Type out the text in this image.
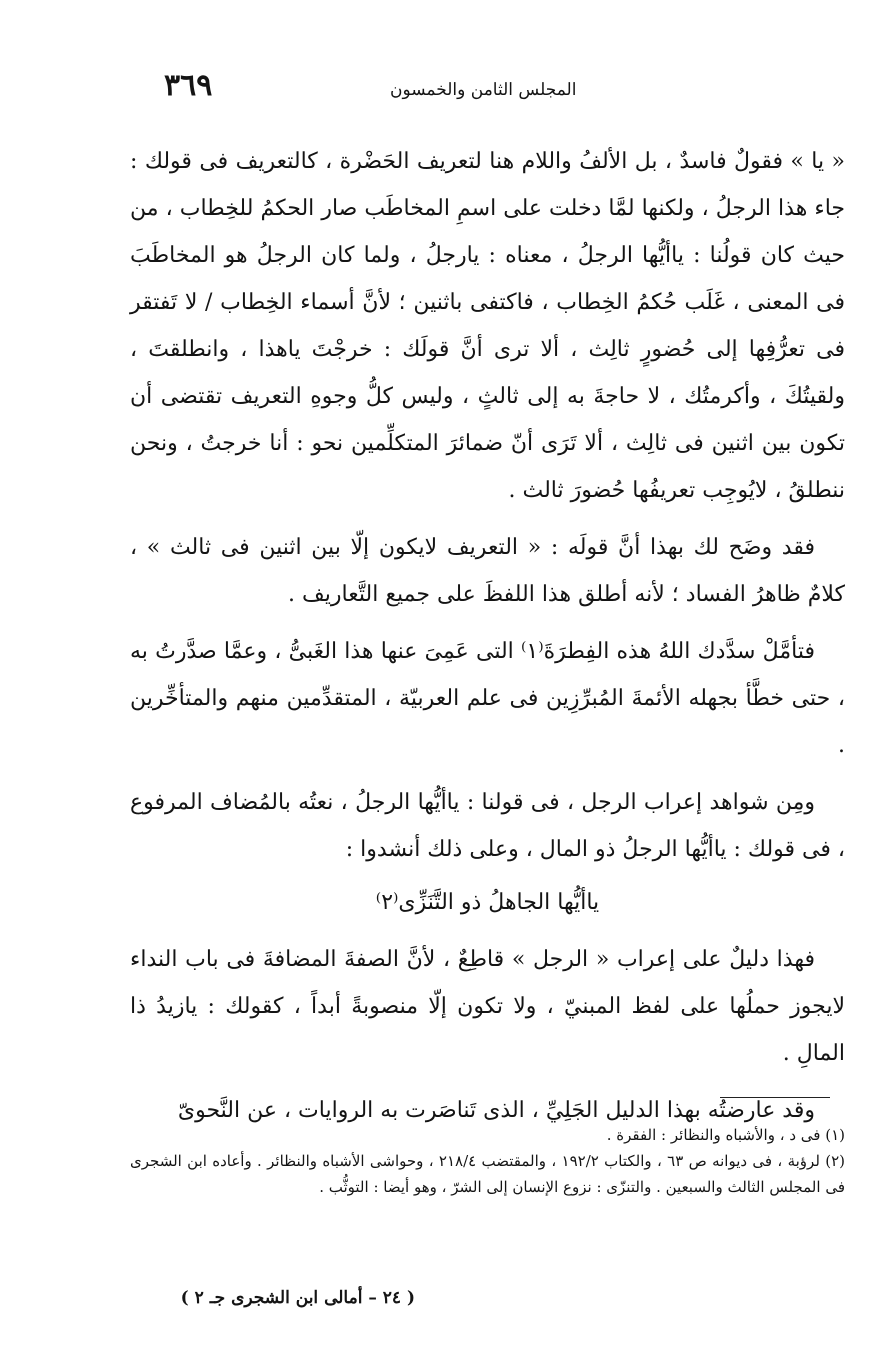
٣٦٩	المجلس الثامن والخمسون

« يا » فقولٌ فاسدٌ ، بل الألفُ واللام هنا لتعريف الحَضْرة ، كالتعريف فى قولك : جاء هذا الرجلُ ، ولكنها لمَّا دخلت على اسمِ المخاطَب صار الحكمُ للخِطاب ، من حيث كان قولُنا : ياأيُّها الرجلُ ، معناه : يارجلُ ، ولما كان الرجلُ هو المخاطَبَ فى المعنى ، غَلَب حُكمُ الخِطاب ، فاكتفى باثنين ؛ لأنَّ أسماء الخِطاب / لا تَفتقر فى تعرُّفِها إلى حُضورٍ ثالِث ، ألا ترى أنَّ قولَك : خرجْتَ ياهذا ، وانطلقتَ ، ولقيتُكَ ، وأكرمتُك ، لا حاجةَ به إلى ثالثٍ ، وليس كلُّ وجوهِ التعريف تقتضى أن تكون بين اثنين فى ثالِث ، ألا تَرَى أنّ ضمائرَ المتكلِّمين نحو : أنا خرجتُ ، ونحن ننطلقُ ، لايُوجِب تعريفُها حُضورَ ثالث .

فقد وضَح لك بهذا أنَّ قولَه : « التعريف لايكون إلّا بين اثنين فى ثالث » ، كلامٌ ظاهرُ الفساد ؛ لأنه أطلق هذا اللفظَ على جميع التَّعاريف .

فتأمَّلْ سدَّدك اللهُ هذه الفِطرَةَ⁽١⁾ التى عَمِىَ عنها هذا الغَبىُّ ، وعمَّا صدَّرتُ به ، حتى خطَّأ بجهله الأئمةَ المُبرِّزِين فى علم العربيّة ، المتقدِّمين منهم والمتأخِّرين .

ومِن شواهد إعراب الرجل ، فى قولنا : ياأيُّها الرجلُ ، نعتُه بالمُضاف المرفوع ، فى قولك : ياأيُّها الرجلُ ذو المال ، وعلى ذلك أنشدوا :

ياأيُّها الجاهلُ ذو التَّنَزِّى⁽٢⁾

فهذا دليلٌ على إعراب « الرجل » قاطِعٌ ، لأنَّ الصفةَ المضافةَ فى باب النداء لايجوز حملُها على لفظ المبنيّ ، ولا تكون إلّا منصوبةً أبداً ، كقولك : يازيدُ ذا المالِ .

وقد عارضتُه بهذا الدليل الجَلِيِّ ، الذى تَناصَرت به الروايات ، عن النَّحوىّ

(١) فى د ، والأشباه والنظائر : الفقرة .

(٢) لرؤبة ، فى ديوانه ص ٦٣ ، والكتاب ١٩٢/٢ ، والمقتضب ٢١٨/٤ ، وحواشى الأشباه والنظائر . وأعاده ابن الشجرى فى المجلس الثالث والسبعين . والتنزّى : نزوع الإنسان إلى الشرّ ، وهو أيضا : التوثُّب .

( ٢٤ – أمالى ابن الشجرى جـ ٢ )
